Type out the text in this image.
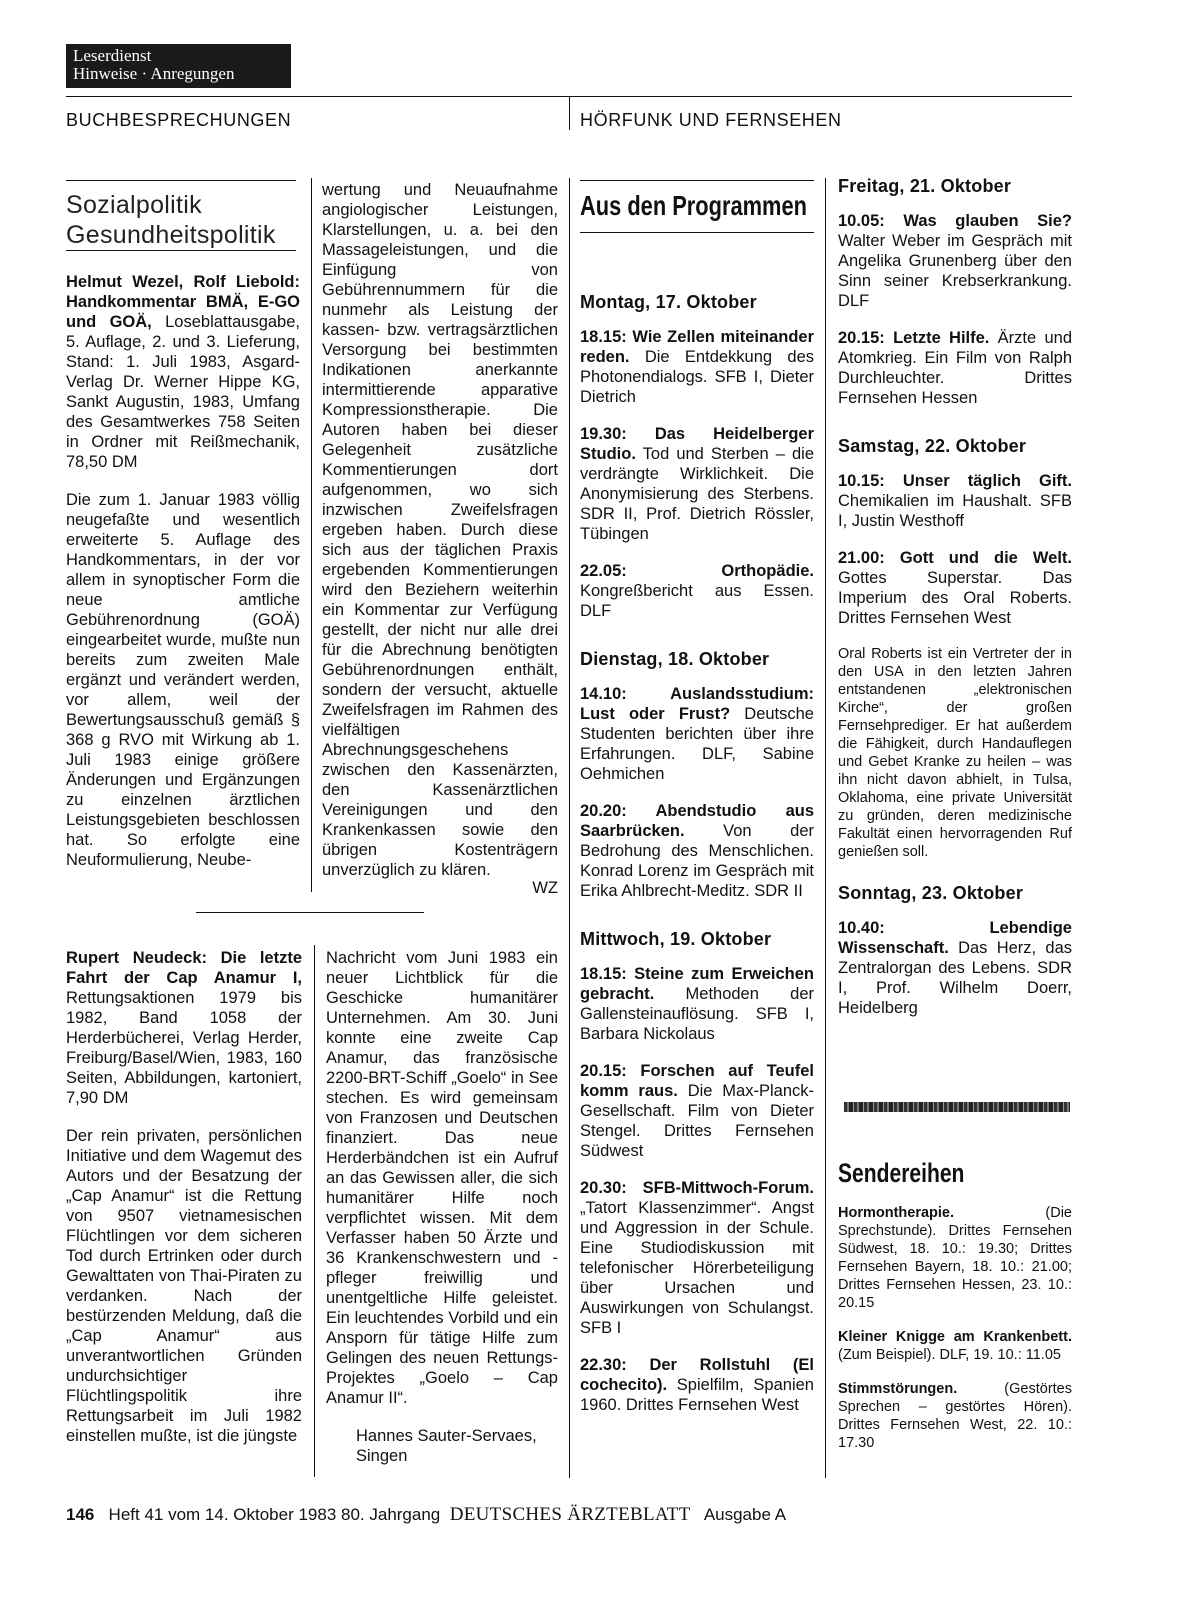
Leserdienst
Hinweise · Anregungen
BUCHBESPRECHUNGEN	HÖRFUNK UND FERNSEHEN
Sozialpolitik
Gesundheitspolitik

Helmut Wezel, Rolf Liebold: Handkommentar BMÄ, E-GO und GOÄ, Loseblattausgabe, 5. Auflage, 2. und 3. Lieferung, Stand: 1. Juli 1983, Asgard-Verlag Dr. Werner Hippe KG, Sankt Augustin, 1983, Umfang des Gesamtwerkes 758 Seiten in Ordner mit Reißmechanik, 78,50 DM

Die zum 1. Januar 1983 völlig neugefaßte und wesentlich erweiterte 5. Auflage des Handkommentars, in der vor allem in synoptischer Form die neue amtliche Gebührenordnung (GOÄ) eingearbeitet wurde, mußte nun bereits zum zweiten Male ergänzt und verändert werden, vor allem, weil der Bewertungsausschuß gemäß § 368 g RVO mit Wirkung ab 1. Juli 1983 einige größere Änderungen und Ergänzungen zu einzelnen ärztlichen Leistungsgebieten beschlossen hat. So erfolgte eine Neuformulierung, Neube-

wertung und Neuaufnahme angiologischer Leistungen, Klarstellungen, u. a. bei den Massageleistungen, und die Einfügung von Gebührennummern für die nunmehr als Leistung der kassen- bzw. vertragsärztlichen Versorgung bei bestimmten Indikationen anerkannte intermittierende apparative Kompressionstherapie. Die Autoren haben bei dieser Gelegenheit zusätzliche Kommentierungen dort aufgenommen, wo sich inzwischen Zweifelsfragen ergeben haben. Durch diese sich aus der täglichen Praxis ergebenden Kommentierungen wird den Beziehern weiterhin ein Kommentar zur Verfügung gestellt, der nicht nur alle drei für die Abrechnung benötigten Gebührenordnungen enthält, sondern der versucht, aktuelle Zweifelsfragen im Rahmen des vielfältigen Abrechnungsgeschehens zwischen den Kassenärzten, den Kassenärztlichen Vereinigungen und den Krankenkassen sowie den übrigen Kostenträgern unverzüglich zu klären.

WZ

Rupert Neudeck: Die letzte Fahrt der Cap Anamur I, Rettungsaktionen 1979 bis 1982, Band 1058 der Herderbücherei, Verlag Herder, Freiburg/Basel/Wien, 1983, 160 Seiten, Abbildungen, kartoniert, 7,90 DM

Der rein privaten, persönlichen Initiative und dem Wagemut des Autors und der Besatzung der „Cap Anamur“ ist die Rettung von 9507 vietnamesischen Flüchtlingen vor dem sicheren Tod durch Ertrinken oder durch Gewalttaten von Thai-Piraten zu verdanken. Nach der bestürzenden Meldung, daß die „Cap Anamur“ aus unverantwortlichen Gründen undurchsichtiger Flüchtlingspolitik ihre Rettungsarbeit im Juli 1982 einstellen mußte, ist die jüngste

Nachricht vom Juni 1983 ein neuer Lichtblick für die Geschicke humanitärer Unternehmen. Am 30. Juni konnte eine zweite Cap Anamur, das französische 2200-BRT-Schiff „Goelo“ in See stechen. Es wird gemeinsam von Franzosen und Deutschen finanziert. Das neue Herderbändchen ist ein Aufruf an das Gewissen aller, die sich humanitärer Hilfe noch verpflichtet wissen. Mit dem Verfasser haben 50 Ärzte und 36 Krankenschwestern und -pfleger freiwillig und unentgeltliche Hilfe geleistet. Ein leuchtendes Vorbild und ein Ansporn für tätige Hilfe zum Gelingen des neuen Rettungs-Projektes „Goelo – Cap Anamur II“.

Hannes Sauter-Servaes,
Singen
Aus den Programmen
Montag, 17. Oktober
18.15: Wie Zellen miteinander reden. Die Entdekkung des Photonendialogs. SFB I, Dieter Dietrich
19.30: Das Heidelberger Studio. Tod und Sterben – die verdrängte Wirklichkeit. Die Anonymisierung des Sterbens. SDR II, Prof. Dietrich Rössler, Tübingen
22.05: Orthopädie. Kongreßbericht aus Essen. DLF
Dienstag, 18. Oktober
14.10: Auslandsstudium: Lust oder Frust? Deutsche Studenten berichten über ihre Erfahrungen. DLF, Sabine Oehmichen
20.20: Abendstudio aus Saarbrücken. Von der Bedrohung des Menschlichen. Konrad Lorenz im Gespräch mit Erika Ahlbrecht-Meditz. SDR II
Mittwoch, 19. Oktober
18.15: Steine zum Erweichen gebracht. Methoden der Gallensteinauflösung. SFB I, Barbara Nickolaus
20.15: Forschen auf Teufel komm raus. Die Max-Planck-Gesellschaft. Film von Dieter Stengel. Drittes Fernsehen Südwest
20.30: SFB-Mittwoch-Forum. „Tatort Klassenzimmer“. Angst und Aggression in der Schule. Eine Studiodiskussion mit telefonischer Hörerbeteiligung über Ursachen und Auswirkungen von Schulangst. SFB I
22.30: Der Rollstuhl (El cochecito). Spielfilm, Spanien 1960. Drittes Fernsehen West
Freitag, 21. Oktober
10.05: Was glauben Sie? Walter Weber im Gespräch mit Angelika Grunenberg über den Sinn seiner Krebserkrankung. DLF
20.15: Letzte Hilfe. Ärzte und Atomkrieg. Ein Film von Ralph Durchleuchter. Drittes Fernsehen Hessen
Samstag, 22. Oktober
10.15: Unser täglich Gift. Chemikalien im Haushalt. SFB I, Justin Westhoff
21.00: Gott und die Welt. Gottes Superstar. Das Imperium des Oral Roberts. Drittes Fernsehen West
Oral Roberts ist ein Vertreter der in den USA in den letzten Jahren entstandenen „elektronischen Kirche“, der großen Fernsehprediger. Er hat außerdem die Fähigkeit, durch Handauflegen und Gebet Kranke zu heilen – was ihn nicht davon abhielt, in Tulsa, Oklahoma, eine private Universität zu gründen, deren medizinische Fakultät einen hervorragenden Ruf genießen soll.
Sonntag, 23. Oktober
10.40: Lebendige Wissenschaft. Das Herz, das Zentralorgan des Lebens. SDR I, Prof. Wilhelm Doerr, Heidelberg
Sendereihen
Hormontherapie. (Die Sprechstunde). Drittes Fernsehen Südwest, 18. 10.: 19.30; Drittes Fernsehen Bayern, 18. 10.: 21.00; Drittes Fernsehen Hessen, 23. 10.: 20.15
Kleiner Knigge am Krankenbett. (Zum Beispiel). DLF, 19. 10.: 11.05
Stimmstörungen. (Gestörtes Sprechen – gestörtes Hören). Drittes Fernsehen West, 22. 10.: 17.30
146 Heft 41 vom 14. Oktober 1983 80. Jahrgang DEUTSCHES ÄRZTEBLATT Ausgabe A
